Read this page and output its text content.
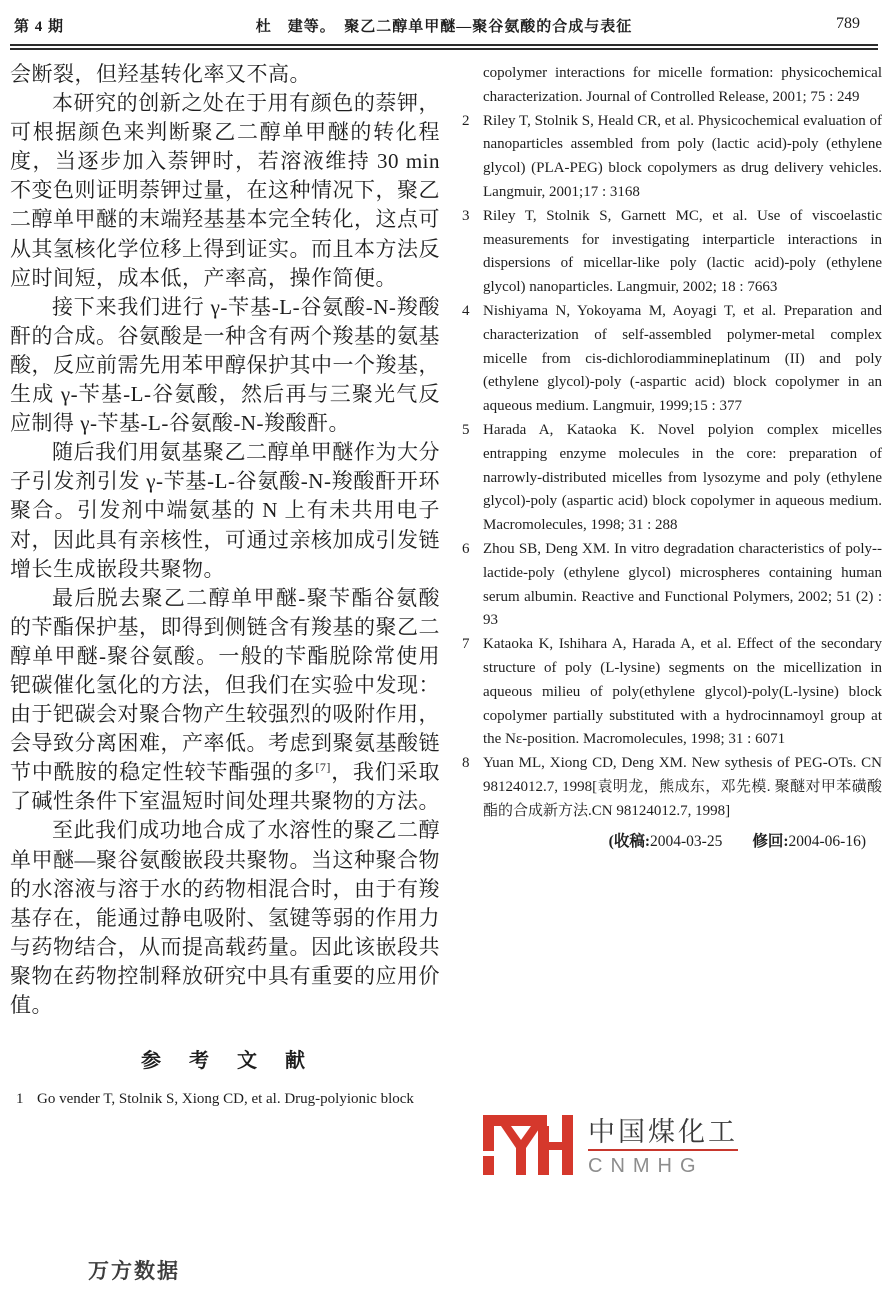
第 4 期	杜　建等。　聚乙二醇单甲醚—聚谷氨酸的合成与表征	789

会断裂，但羟基转化率又不高。

本研究的创新之处在于用有颜色的萘钾，可根据颜色来判断聚乙二醇单甲醚的转化程度，当逐步加入萘钾时，若溶液维持 30 min 不变色则证明萘钾过量，在这种情况下，聚乙二醇单甲醚的末端羟基基本完全转化，这点可从其氢核化学位移上得到证实。而且本方法反应时间短，成本低，产率高，操作简便。

接下来我们进行 γ-苄基-L-谷氨酸-N-羧酸酐的合成。谷氨酸是一种含有两个羧基的氨基酸，反应前需先用苯甲醇保护其中一个羧基，生成 γ-苄基-L-谷氨酸，然后再与三聚光气反应制得 γ-苄基-L-谷氨酸-N-羧酸酐。

随后我们用氨基聚乙二醇单甲醚作为大分子引发剂引发 γ-苄基-L-谷氨酸-N-羧酸酐开环聚合。引发剂中端氨基的 N 上有未共用电子对，因此具有亲核性，可通过亲核加成引发链增长生成嵌段共聚物。

最后脱去聚乙二醇单甲醚-聚苄酯谷氨酸的苄酯保护基，即得到侧链含有羧基的聚乙二醇单甲醚-聚谷氨酸。一般的苄酯脱除常使用钯碳催化氢化的方法，但我们在实验中发现：由于钯碳会对聚合物产生较强烈的吸附作用，会导致分离困难，产率低。考虑到聚氨基酸链节中酰胺的稳定性较苄酯强的多[7]，我们采取了碱性条件下室温短时间处理共聚物的方法。

至此我们成功地合成了水溶性的聚乙二醇单甲醚—聚谷氨酸嵌段共聚物。当这种聚合物的水溶液与溶于水的药物相混合时，由于有羧基存在，能通过静电吸附、氢键等弱的作用力与药物结合，从而提高载药量。因此该嵌段共聚物在药物控制释放研究中具有重要的应用价值。

参　考　文　献
1 Go vender T, Stolnik S, Xiong CD, et al. Drug-polyionic block
copolymer interactions for micelle formation: physicochemical characterization. Journal of Controlled Release, 2001; 75 : 249
2 Riley T, Stolnik S, Heald CR, et al. Physicochemical evaluation of nanoparticles assembled from poly (lactic acid)-poly (ethylene glycol) (PLA-PEG) block copolymers as drug delivery vehicles. Langmuir, 2001;17 : 3168
3 Riley T, Stolnik S, Garnett MC, et al. Use of viscoelastic measurements for investigating interparticle interactions in dispersions of micellar-like poly (lactic acid)-poly (ethylene glycol) nanoparticles. Langmuir, 2002; 18 : 7663
4 Nishiyama N, Yokoyama M, Aoyagi T, et al. Preparation and characterization of self-assembled polymer-metal complex micelle from cis-dichlorodiammineplatinum (II) and poly (ethylene glycol)-poly (-aspartic acid) block copolymer in an aqueous medium. Langmuir, 1999;15 : 377
5 Harada A, Kataoka K. Novel polyion complex micelles entrapping enzyme molecules in the core: preparation of narrowly-distributed micelles from lysozyme and poly (ethylene glycol)-poly (aspartic acid) block copolymer in aqueous medium. Macromolecules, 1998; 31 : 288
6 Zhou SB, Deng XM. In vitro degradation characteristics of poly--lactide-poly (ethylene glycol) microspheres containing human serum albumin. Reactive and Functional Polymers, 2002; 51 (2) : 93
7 Kataoka K, Ishihara A, Harada A, et al. Effect of the secondary structure of poly (L-lysine) segments on the micellization in aqueous milieu of poly(ethylene glycol)-poly(L-lysine) block copolymer partially substituted with a hydrocinnamoyl group at the Nε-position. Macromolecules, 1998; 31 : 6071
8 Yuan ML, Xiong CD, Deng XM. New sythesis of PEG-OTs. CN 98124012.7, 1998[袁明龙，熊成东，邓先模. 聚醚对甲苯磺酸酯的合成新方法.CN 98124012.7, 1998]
(收稿:2004-03-25 修回:2004-06-16)
中国煤化工
CNMHG
万方数据
